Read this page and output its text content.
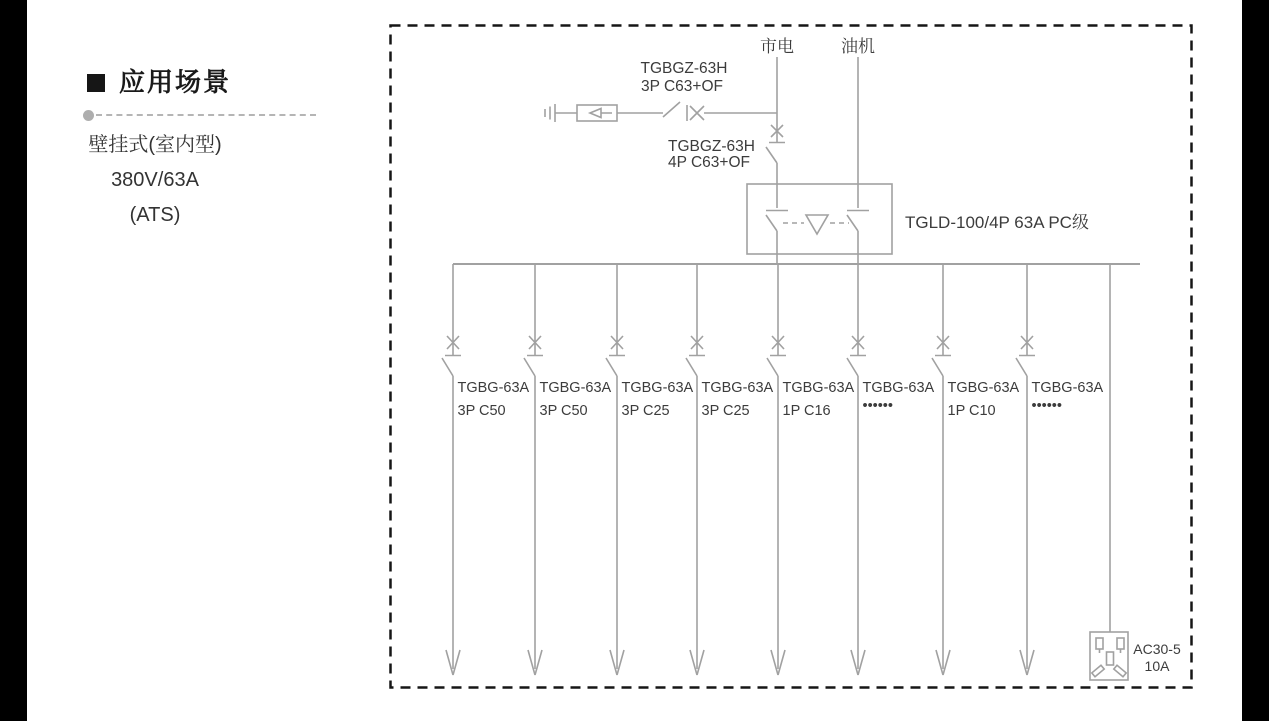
应用场景
壁挂式(室内型)
380V/63A
(ATS)
市电	油机
TGBGZ-63H
3P C63+OF
TGBGZ-63H
4P C63+OF
TGLD-100/4P 63A PC级
TGBG-63A
3P C50
TGBG-63A
3P C50
TGBG-63A
3P C25
TGBG-63A
3P C25
TGBG-63A
1P C16
TGBG-63A
••••••
TGBG-63A
1P C10
TGBG-63A
••••••
AC30-5
10A
